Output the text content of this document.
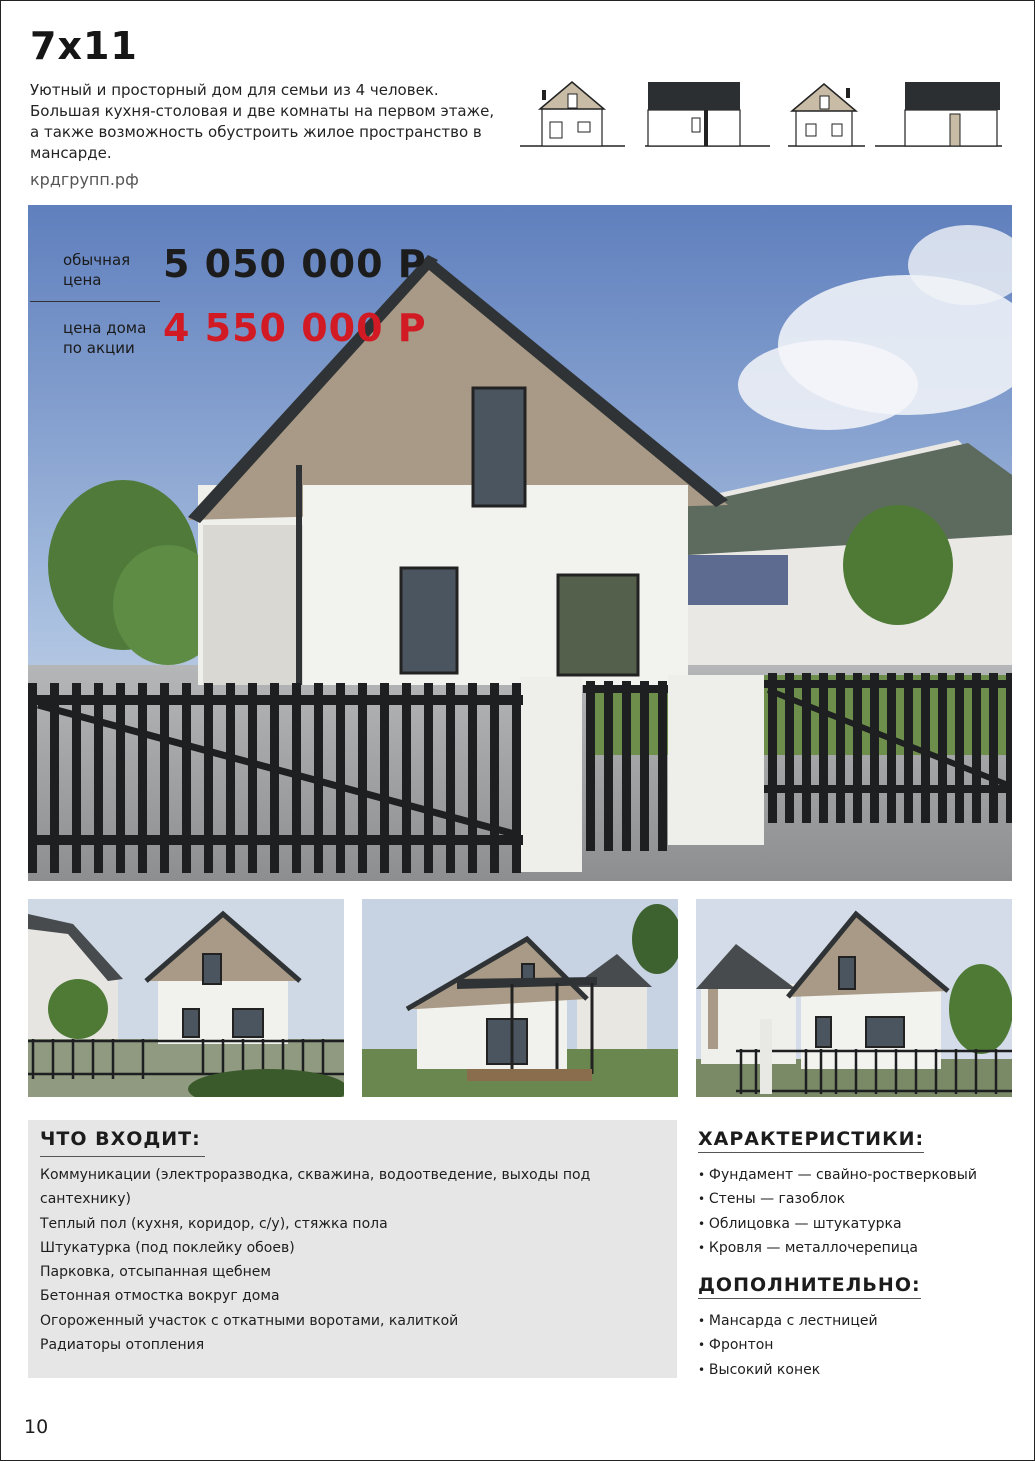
7x11
Уютный и просторный дом для семьи из 4 человек. Большая кухня-столовая и две комнаты на первом этаже, а также возможность обустроить жилое пространство в мансарде.
крдгрупп.рф
обычная
цена	5 050 000 Р
цена дома
по акции 4 550 000 Р
ЧТО ВХОДИТ:
Коммуникации (электроразводка, скважина, водоотведение, выходы под
сантехнику)
Теплый пол (кухня, коридор, с/у), стяжка пола
Штукатурка (под поклейку обоев)
Парковка, отсыпанная щебнем
Бетонная отмостка вокруг дома
Огороженный участок с откатными воротами, калиткой
Радиаторы отопления
ХАРАКТЕРИСТИКИ:
• Фундамент — свайно-ростверковый
• Стены — газоблок
• Облицовка — штукатурка
• Кровля — металлочерепица
ДОПОЛНИТЕЛЬНО:
• Мансарда с лестницей
• Фронтон
• Высокий конек
10
